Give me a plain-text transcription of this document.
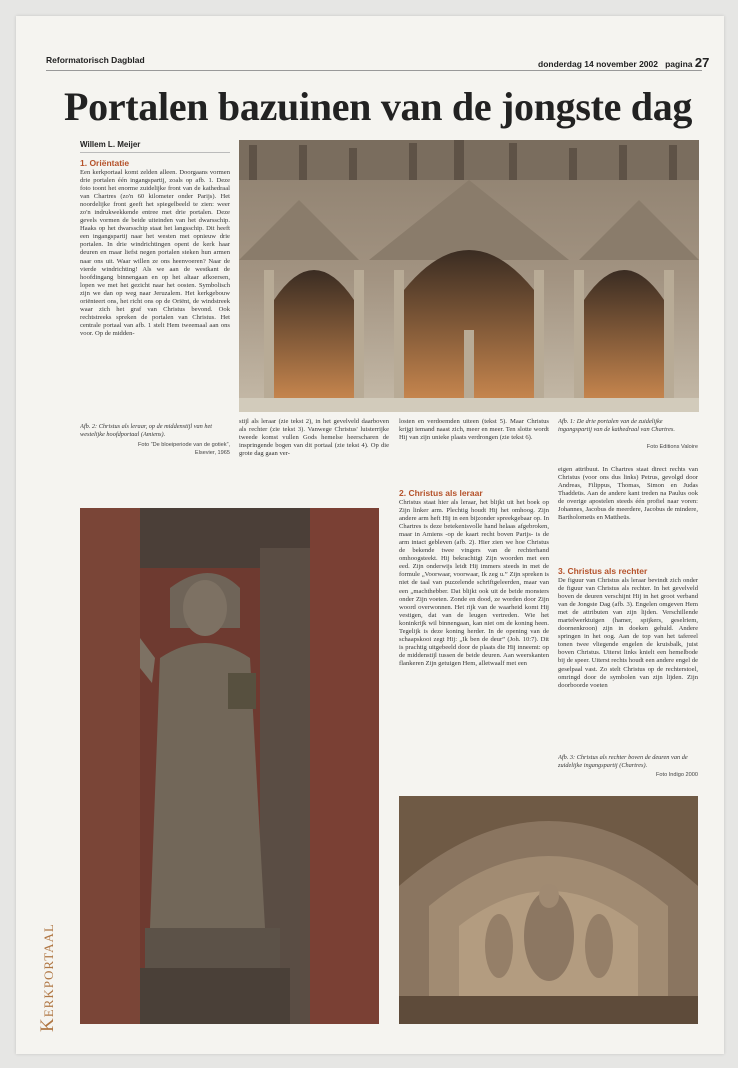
Reformatorisch Dagblad	donderdag 14 november 2002 pagina 27
Portalen bazuinen van de jongste dag
Willem L. Meijer
1. Oriëntatie
Een kerkportaal komt zelden alleen. Doorgaans vormen drie portalen één ingangspartij, zoals op afb. 1. Deze foto toont het enorme zuidelijke front van de kathedraal van Chartres (zo'n 60 kilometer onder Parijs). Het noordelijke front geeft het spiegelbeeld te zien: weer zo'n indrukwekkende entree met drie portalen. Deze gevels vormen de beide uiteinden van het dwarsschip. Haaks op het dwarsschip staat het langsschip. Dit heeft een ingangspartij naar het westen met opnieuw drie portalen. In drie windrichtingen opent de kerk haar deuren en maar liefst negen portalen steken hun armen naar ons uit. Waar willen ze ons heenvoeren? Naar de vierde windrichting! Als we aan de westkant de hoofdingang binnengaan en op het altaar afkoersen, lopen we met het gezicht naar het oosten. Symbolisch zijn we dan op weg naar Jeruzalem. Het kerkgebouw oriënteert ons, het richt ons op de Oriënt, de windstreek waar zich het graf van Christus bevond. Ook rechtstreeks spreken de portalen van Christus. Het centrale portaal van afb. 1 stelt Hem tweemaal aan ons voor. Op de midden-
Afb. 2: Christus als leraar, op de middenstijl van het westelijke hoofdportaal (Amiens).
Foto “De bloeiperiode van de gotiek”,
Elsevier, 1965
stijl als leraar (zie tekst 2), in het gevelveld daarboven als rechter (zie tekst 3). Vanwege Christus' luisterrijke tweede komst vullen Gods hemelse heerscharen de inspringende bogen van dit portaal (zie tekst 4). Op die grote dag gaan ver-
losten en verdoemden uiteen (tekst 5). Maar Christus krijgt iemand naast zich, meer en meer. Ten slotte wordt Hij van zijn unieke plaats verdrongen (zie tekst 6).
Afb. 1: De drie portalen van de zuidelijke ingangspartij van de kathedraal van Chartres.
Foto Editions Valoire
Kerkportaal
2. Christus als leraar
Christus staat hier als leraar, het blijkt uit het boek op Zijn linker arm. Plechtig houdt Hij het omhoog. Zijn andere arm heft Hij in een bijzonder spreekgebaar op. In Chartres is deze betekenisvolle hand helaas afgebroken, maar in Amiens -op de kaart recht boven Parijs- is de arm intact gebleven (afb. 2). Hier zien we hoe Christus de bekende twee vingers van de rechterhand omhoogsteekt. Hij bekrachtigt Zijn woorden met een eed. Zijn onderwijs leidt Hij immers steeds in met de formule „Voorwaar, voorwaar, Ik zeg u.” Zijn spreken is niet de taal van puzzelende schriftgeleerden, maar van een „machthebber. Dat blijkt ook uit de beide monsters onder Zijn voeten. Zonde en dood, ze worden door Zijn woord overwonnen. Het rijk van de waarheid komt Hij vestigen, dat van de leugen vertreden. Wie het koninkrijk wil binnengaan, kan niet om de koning heen. Tegelijk is deze koning herder. In de opening van de schaapskooi zegt Hij: „Ik ben de deur” (Joh. 10:7). Dit is prachtig uitgebeeld door de plaats die Hij inneemt: op de middenstijl tussen de beide deuren. Aan weerskanten flankeren Zijn getuigen Hem, alletwaalf met een
eigen attribuut. In Chartres staat direct rechts van Christus (voor ons dus links) Petrus, gevolgd door Andreas, Filippus, Thomas, Simon en Judas Thaddeüs. Aan de andere kant treden na Paulus ook de overige apostelen steeds één profiel naar voren: Johannes, Jacobus de meerdere, Jacobus de mindere, Bartholomeüs en Mattheüs.
3. Christus als rechter
De figuur van Christus als leraar bevindt zich onder de figuur van Christus als rechter. In het gevelveld boven de deuren verschijnt Hij in het groot verband van de Jongste Dag (afb. 3). Engelen omgeven Hem met de attributen van zijn lijden. Verschillende martelwerktuigen (hamer, spijkers, geselriem, doornenkroon) zijn in doeken gehuld. Andere springen in het oog. Aan de top van het tafereel tonen twee vliegende engelen de kruisbalk, juist boven Christus. Uiterst links knielt een hemelbode bij de speer. Uiterst rechts houdt een andere engel de geselpaal vast. Zo stelt Christus op de rechterstoel, omringd door de symbolen van zijn lijden. Zijn doorboorde voeten
Afb. 3: Christus als rechter boven de deuren van de zuidelijke ingangspartij (Chartres).
Foto Indigo 2000
